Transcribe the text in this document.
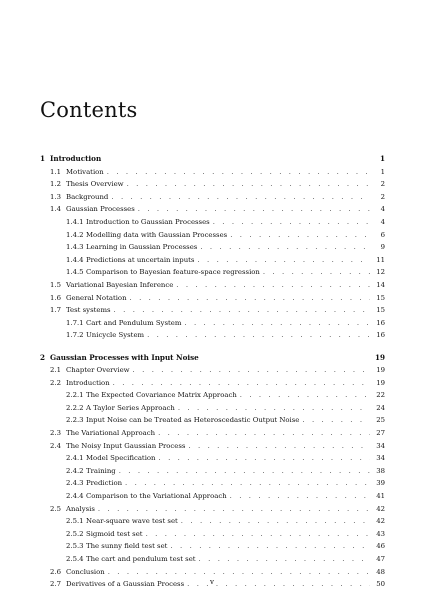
Contents
1 Introduction	1
1.1 Motivation . . .	1
1.2 Thesis Overview . . .	2
1.3 Background . . .	2
1.4 Gaussian Processes . . .	4
1.4.1 Introduction to Gaussian Processes . . .	4
1.4.2 Modelling data with Gaussian Processes . . .	6
1.4.3 Learning in Gaussian Processes . . .	9
1.4.4 Predictions at uncertain inputs . . .	11
1.4.5 Comparison to Bayesian feature-space regression . . .	12
1.5 Variational Bayesian Inference . . .	14
1.6 General Notation . . .	15
1.7 Test systems . . .	15
1.7.1 Cart and Pendulum System . . .	16
1.7.2 Unicycle System . . .	16
2 Gaussian Processes with Input Noise	19
2.1 Chapter Overview . . .	19
2.2 Introduction . . .	19
2.2.1 The Expected Covariance Matrix Approach . . .	22
2.2.2 A Taylor Series Approach . . .	24
2.2.3 Input Noise can be Treated as Heteroscedastic Output Noise . . .	25
2.3 The Variational Approach . . .	27
2.4 The Noisy Input Gaussian Process . . .	34
2.4.1 Model Specification . . .	34
2.4.2 Training . . .	38
2.4.3 Prediction . . .	39
2.4.4 Comparison to the Variational Approach . . .	41
2.5 Analysis . . .	42
2.5.1 Near-square wave test set . . .	42
2.5.2 Sigmoid test set . . .	43
2.5.3 The sunny field test set . . .	46
2.5.4 The cart and pendulum test set . . .	47
2.6 Conclusion . . .	48
2.7 Derivatives of a Gaussian Process . . .	50
v
